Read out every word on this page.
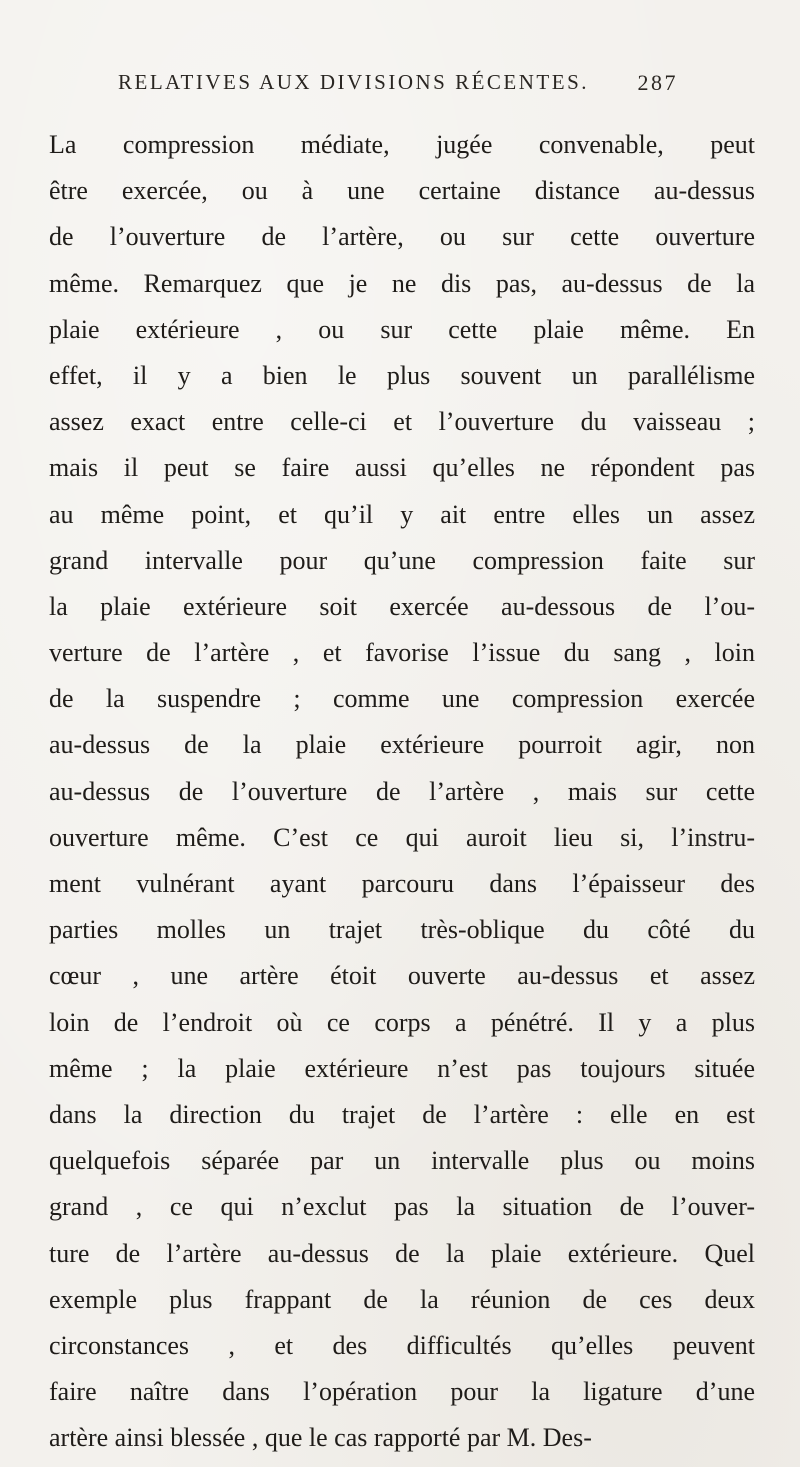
RELATIVES AUX DIVISIONS RÉCENTES. 287
La compression médiate, jugée convenable, peut
être exercée, ou à une certaine distance au-dessus
de l’ouverture de l’artère, ou sur cette ouverture
même. Remarquez que je ne dis pas, au-dessus de la
plaie extérieure , ou sur cette plaie même. En
effet, il y a bien le plus souvent un parallélisme
assez exact entre celle-ci et l’ouverture du vaisseau ;
mais il peut se faire aussi qu’elles ne répondent pas
au même point, et qu’il y ait entre elles un assez
grand intervalle pour qu’une compression faite sur
la plaie extérieure soit exercée au-dessous de l’ou-
verture de l’artère , et favorise l’issue du sang , loin
de la suspendre ; comme une compression exercée
au-dessus de la plaie extérieure pourroit agir, non
au-dessus de l’ouverture de l’artère , mais sur cette
ouverture même. C’est ce qui auroit lieu si, l’instru-
ment vulnérant ayant parcouru dans l’épaisseur des
parties molles un trajet très-oblique du côté du
cœur , une artère étoit ouverte au-dessus et assez
loin de l’endroit où ce corps a pénétré. Il y a plus
même ; la plaie extérieure n’est pas toujours située
dans la direction du trajet de l’artère : elle en est
quelquefois séparée par un intervalle plus ou moins
grand , ce qui n’exclut pas la situation de l’ouver-
ture de l’artère au-dessus de la plaie extérieure. Quel
exemple plus frappant de la réunion de ces deux
circonstances , et des difficultés qu’elles peuvent
faire naître dans l’opération pour la ligature d’une
artère ainsi blessée , que le cas rapporté par M. Des-
